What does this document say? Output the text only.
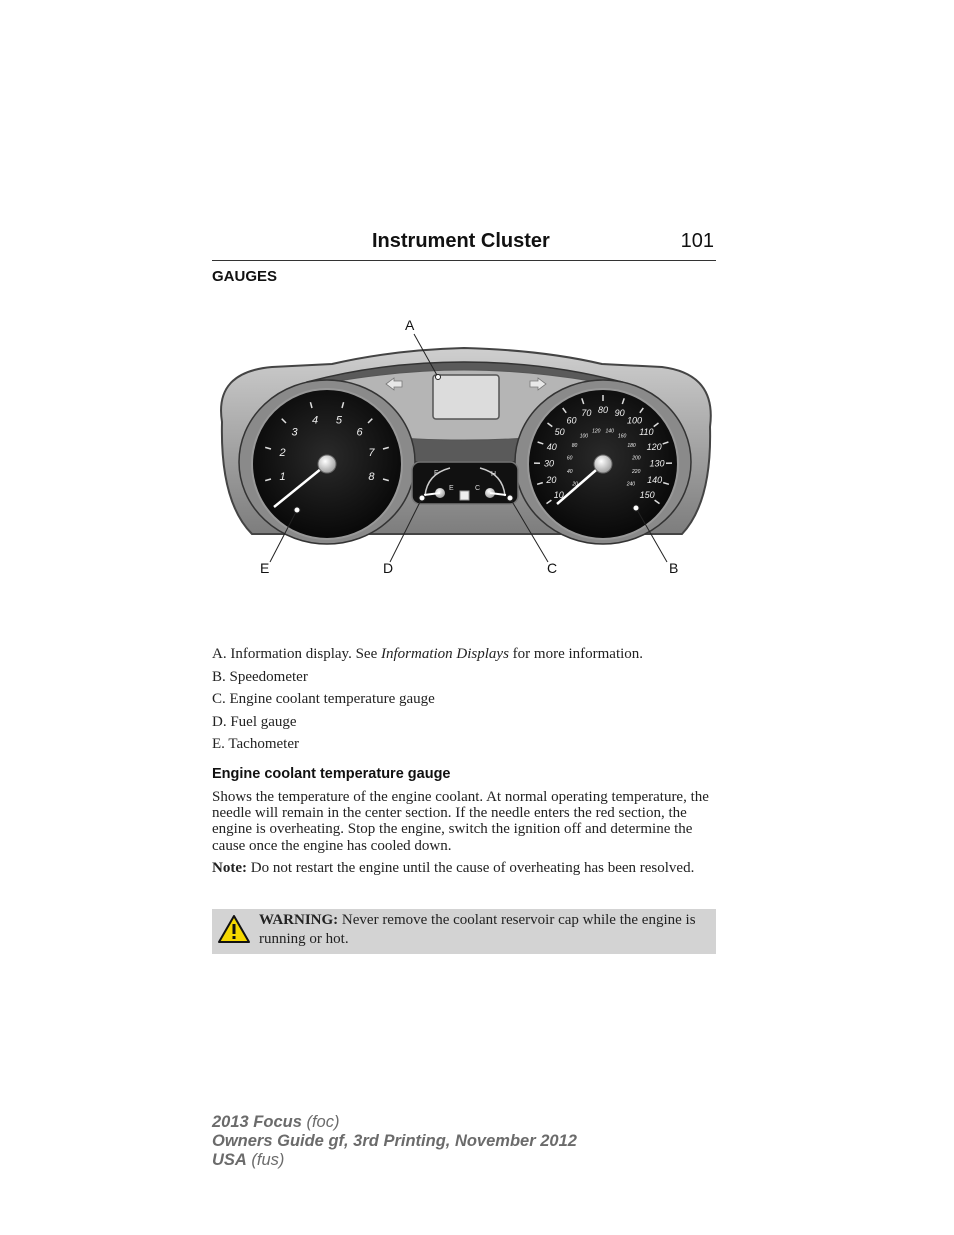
Instrument Cluster	101
GAUGES
1
2
3
4 5
6
7
8
10
20
30
40
50
60
70 80 90
100
110
120
130
140
150
20
40
60
80
100
120 140
160
180
200
220
240
F
E
H
C
A
B
C
D
E
A. Information display. See Information Displays for more information.
B. Speedometer
C. Engine coolant temperature gauge
D. Fuel gauge
E. Tachometer
Engine coolant temperature gauge

Shows the temperature of the engine coolant. At normal operating temperature, the needle will remain in the center section. If the needle enters the red section, the engine is overheating. Stop the engine, switch the ignition off and determine the cause once the engine has cooled down.

Note: Do not restart the engine until the cause of overheating has been resolved.

WARNING: Never remove the coolant reservoir cap while the engine is running or hot.
2013 Focus (foc)
Owners Guide gf, 3rd Printing, November 2012
USA (fus)
